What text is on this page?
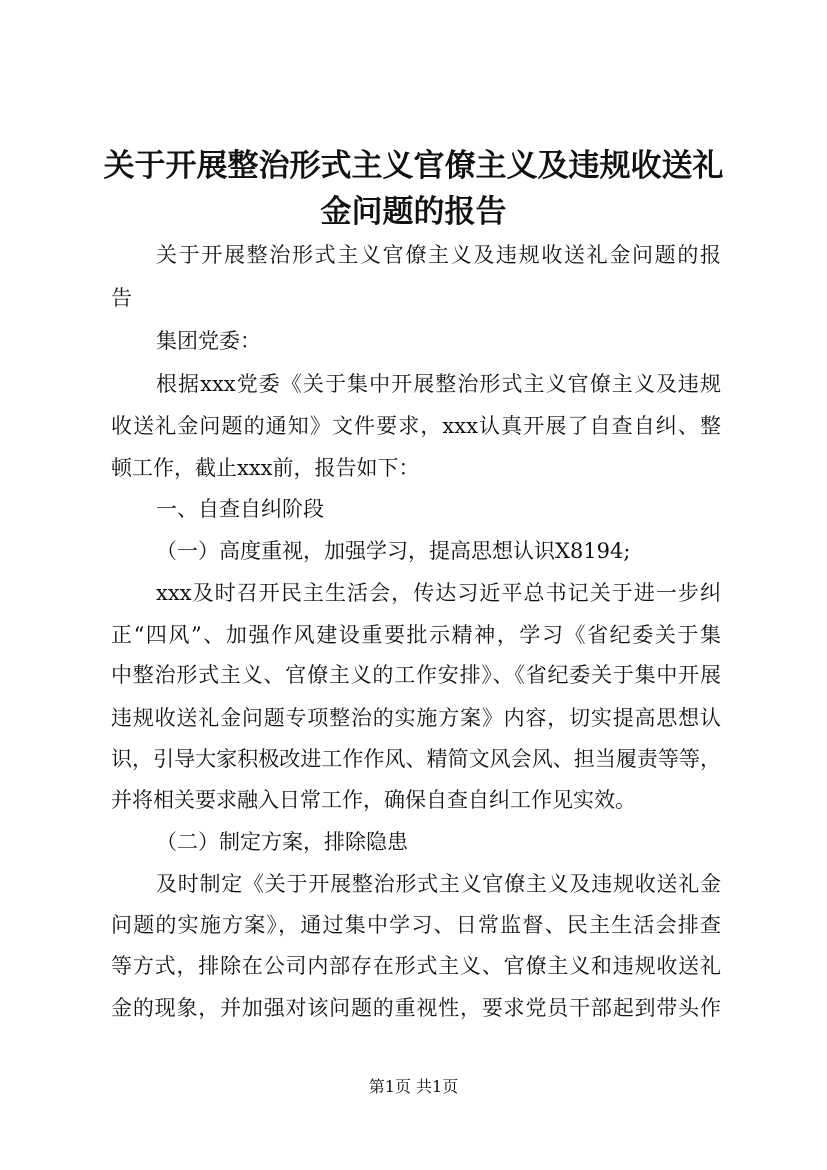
关于开展整治形式主义官僚主义及违规收送礼
金问题的报告
关于开展整治形式主义官僚主义及违规收送礼金问题的报
告
集团党委：
根据xxx党委《关于集中开展整治形式主义官僚主义及违规
收送礼金问题的通知》文件要求，xxx认真开展了自查自纠、整
顿工作，截止xxx前，报告如下：
一、自查自纠阶段
（一）高度重视，加强学习，提高思想认识X8194;
xxx及时召开民主生活会，传达习近平总书记关于进一步纠
正“四风”、加强作风建设重要批示精神，学习《省纪委关于集
中整治形式主义、官僚主义的工作安排》、《省纪委关于集中开展
违规收送礼金问题专项整治的实施方案》内容，切实提高思想认
识，引导大家积极改进工作作风、精简文风会风、担当履责等等，
并将相关要求融入日常工作，确保自查自纠工作见实效。
（二）制定方案，排除隐患
及时制定《关于开展整治形式主义官僚主义及违规收送礼金
问题的实施方案》，通过集中学习、日常监督、民主生活会排查
等方式，排除在公司内部存在形式主义、官僚主义和违规收送礼
金的现象，并加强对该问题的重视性，要求党员干部起到带头作
第1页 共1页
